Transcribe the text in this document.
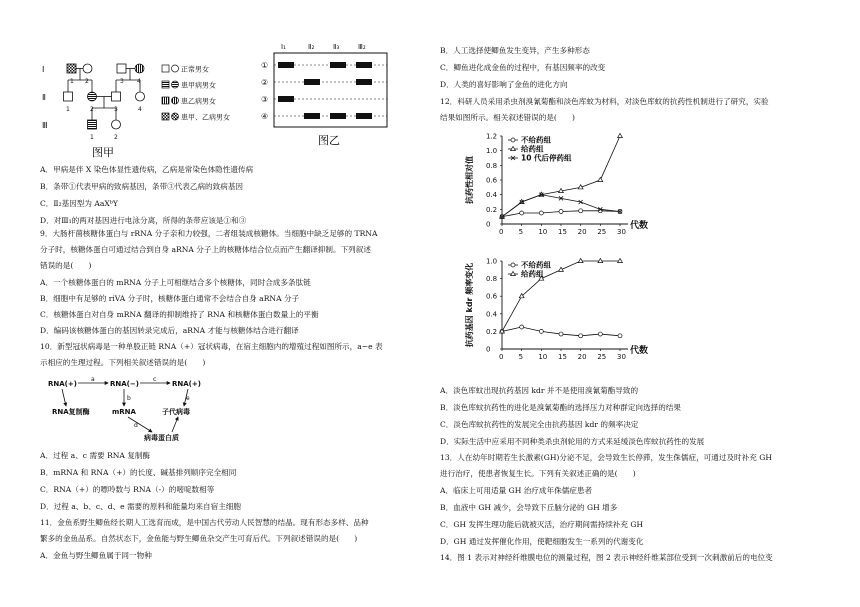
Ⅰ
Ⅱ
Ⅲ
1 2	3 4
1	2	3	4
1	2
正常男女
患甲病男女
患乙病男女
患甲、乙病男女
图甲
Ⅰ₁	Ⅱ₂	Ⅱ₃	Ⅲ₂
①
②
③
④
图乙
A．甲病是伴 X 染色体显性遗传病，乙病是常染色体隐性遗传病
B．条带①代表甲病的致病基因，条带③代表乙病的致病基因
C．Ⅱ₂基因型为 AaXᵇY
D．对Ⅲ₁的两对基因进行电泳分离，所得的条带应该是①和③
9．大肠杆菌核糖体蛋白与 rRNA 分子亲和力较强，二者组装成核糖体。当细胞中缺乏足够的 TRNA
分子时，核糖体蛋白可通过结合到自身 aRNA 分子上的核糖体结合位点而产生翻译抑制。下列叙述
错误的是(　　)
A．一个核糖体蛋白的 mRNA 分子上可相继结合多个核糖体，同时合成多条肽链
B．细胞中有足够的 riVA 分子时，核糖体蛋白通常不会结合自身 aRNA 分子
C．核糖体蛋白对自身 mRNA 翻译的抑制维持了 RNA 和核糖体蛋白数量上的平衡
D．编码该核糖体蛋白的基因转录完成后，aRNA 才能与核糖体结合进行翻译
10．新型冠状病毒是一种单股正链 RNA（+）冠状病毒，在宿主细胞内的增殖过程如图所示，a~e 表
示相应的生理过程。下列相关叙述错误的是(　　)
RNA(+)	RNA(−)	RNA(+)
RNA复制酶	mRNA	子代病毒
病毒蛋白质
a
b
c
d
e
A．过程 a、c 需要 RNA 复制酶
B．mRNA 和 RNA（+）的长度、碱基排列顺序完全相同
C．RNA（+）的嘌呤数与 RNA（-）的嘧啶数相等
D．过程 a、b、c、d、e 需要的原料和能量均来自宿主细胞
11．金鱼系野生鲫鱼经长期人工选育而成，是中国古代劳动人民智慧的结晶。现有形态多样、品种
繁多的金鱼品系。自然状态下，金鱼能与野生鲫鱼杂交产生可育后代。下列叙述错误的是(　　)
A．金鱼与野生鲫鱼属于同一物种
B．人工选择使鲫鱼发生变异，产生多种形态
C．鲫鱼进化成金鱼的过程中，有基因频率的改变
D．人类的喜好影响了金鱼的进化方向
12．科研人员采用杀虫剂溴氰菊酯和淡色库蚊为材料，对淡色库蚊的抗药性机制进行了研究，实验
结果如图所示。相关叙述错误的是(　　)
0 5 10 15 20 25 30
0
0.2
0.4
0.6
0.8
1.0
1.2
代数
抗药性相对值
不给药组
给药组
10 代后停药组
0 5 10 15 20 25 30
0
0.2
0.4
0.6
0.8
1.0
代数
抗药基因 kdr 频率变化	不给药组
给药组
A．淡色库蚊出现抗药基因 kdr 并不是使用溴氰菊酯导致的
B．淡色库蚊抗药性的进化是溴氰菊酯的选择压力对种群定向选择的结果
C．淡色库蚊抗药性的发展完全由抗药基因 kdr 的频率决定
D．实际生活中应采用不同种类杀虫剂轮用的方式来延缓淡色库蚊抗药性的发展
13．人在幼年时期若生长激素(GH)分泌不足，会导致生长停滞，发生侏儒症，可通过及时补充 GH
进行治疗，使患者恢复生长。下列有关叙述正确的是(　　)
A．临床上可用适量 GH 治疗成年侏儒症患者
B．血液中 GH 减少，会导致下丘脑分泌的 GH 增多
C．GH 发挥生理功能后就被灭活，治疗期间需持续补充 GH
D．GH 通过发挥催化作用，使靶细胞发生一系列的代谢变化
14．图 1 表示对神经纤维膜电位的测量过程，图 2 表示神经纤维某部位受到一次刺激前后的电位变
